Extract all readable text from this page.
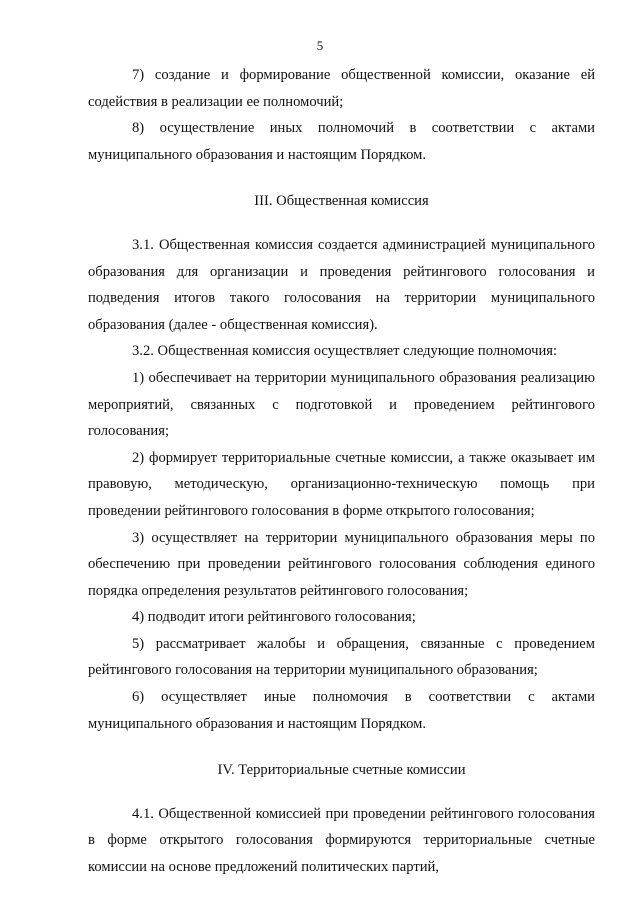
5

7) создание и формирование общественной комиссии, оказание ей содействия в реализации ее полномочий;

8) осуществление иных полномочий в соответствии с актами муниципального образования и настоящим Порядком.

III. Общественная комиссия

3.1. Общественная комиссия создается администрацией муниципального образования для организации и проведения рейтингового голосования и подведения итогов такого голосования на территории муниципального образования (далее - общественная комиссия).

3.2. Общественная комиссия осуществляет следующие полномочия:

1) обеспечивает на территории муниципального образования реализацию мероприятий, связанных с подготовкой и проведением рейтингового голосования;

2) формирует территориальные счетные комиссии, а также оказывает им правовую, методическую, организационно-техническую помощь при проведении рейтингового голосования в форме открытого голосования;

3) осуществляет на территории муниципального образования меры по обеспечению при проведении рейтингового голосования соблюдения единого порядка определения результатов рейтингового голосования;

4) подводит итоги рейтингового голосования;

5) рассматривает жалобы и обращения, связанные с проведением рейтингового голосования на территории муниципального образования;

6) осуществляет иные полномочия в соответствии с актами муниципального образования и настоящим Порядком.

IV. Территориальные счетные комиссии

4.1. Общественной комиссией при проведении рейтингового голосования в форме открытого голосования формируются территориальные счетные комиссии на основе предложений политических партий,
